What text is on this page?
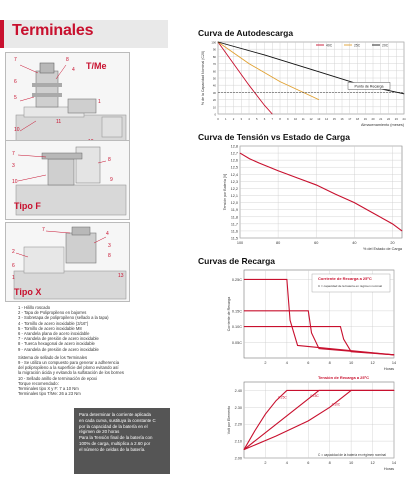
Terminales
T/Me
7	8
4
6
5
1
10
11
Tipo F
7
3
8
10	9
Tipo X
7
4
3
8
2
6
1	13
1 - Hilillo roscado
2 - Tapa de Polipropileno en bajorres
3 - Sobretapa de polipropileno (sellado a la tapa)
4 - Tornillo de acero inoxidable (3/16")
5 - Tornillo de acero inoxidable M8
6 - Arandela plana de acero inoxidable
7 - Arandela de presión de acero inoxidable
8 - Tuerca hexagonal de acero inoxidable
9 - Arandela de presión de acero inoxidable
Sistema de sellado de los Terminales
9 - Se utiliza un compuesto para generar a adherencia
del polipropileno a la superficie del plomo evitando así
la migración ácida y evitando la sulfatación de los bornes
10 - Sellado anillo de terminación de epoxi
Torque recomendado:
Terminales tipo X y F: 7 a 10 Nm
Terminales tipo T/Me: 26 a 23 Nm
Para determinar la corriente aplicada
en cada curva, sustituya la constante C
por la capacidad de la batería en el
régimen de 20 horas
Para la Tensión final de la batería con
100% de carga, multiplica a 2.60 por
el número de celdas de la batería.
Curva de Autodescarga
0 1 2 3 4 5 6 7 8 9 10 11 12 13 14 15 16 17 18 19 20 21 22 23 24
100
90
80
70
60
50
40
30
20
10
0
Almacenamiento (meses)
% de la Capacidad Nominal (C20)
40C	25C	20C
Punto de Recarga
Curva de Tensión vs Estado de Carga
100	80	60	40	20
12,8
12,7
12,6
12,5
12,4
12,3
12,2
12,1
12,0
11,9
11,8
11,7
11,6
11,5
% del Estado de Carga
Tensión por Batería [V]
Curvas de Recarga
2	4	6	8	10	12	14
0.25C
0.15C
0.10C
0.05C
Horas
Corriente de Recarga
Corriente de Recarga a 25ºC
C = capacidad de la batería en régimen nominal
2	4	6	8	10	12	14
2.40
2.30
2.20
2.10
2.00
Horas
Volt por Elemento
Tensión de Recarga a 25ºC
C = capacidad de la batería en régimen nominal
0.25C	0.15C
0.10C
